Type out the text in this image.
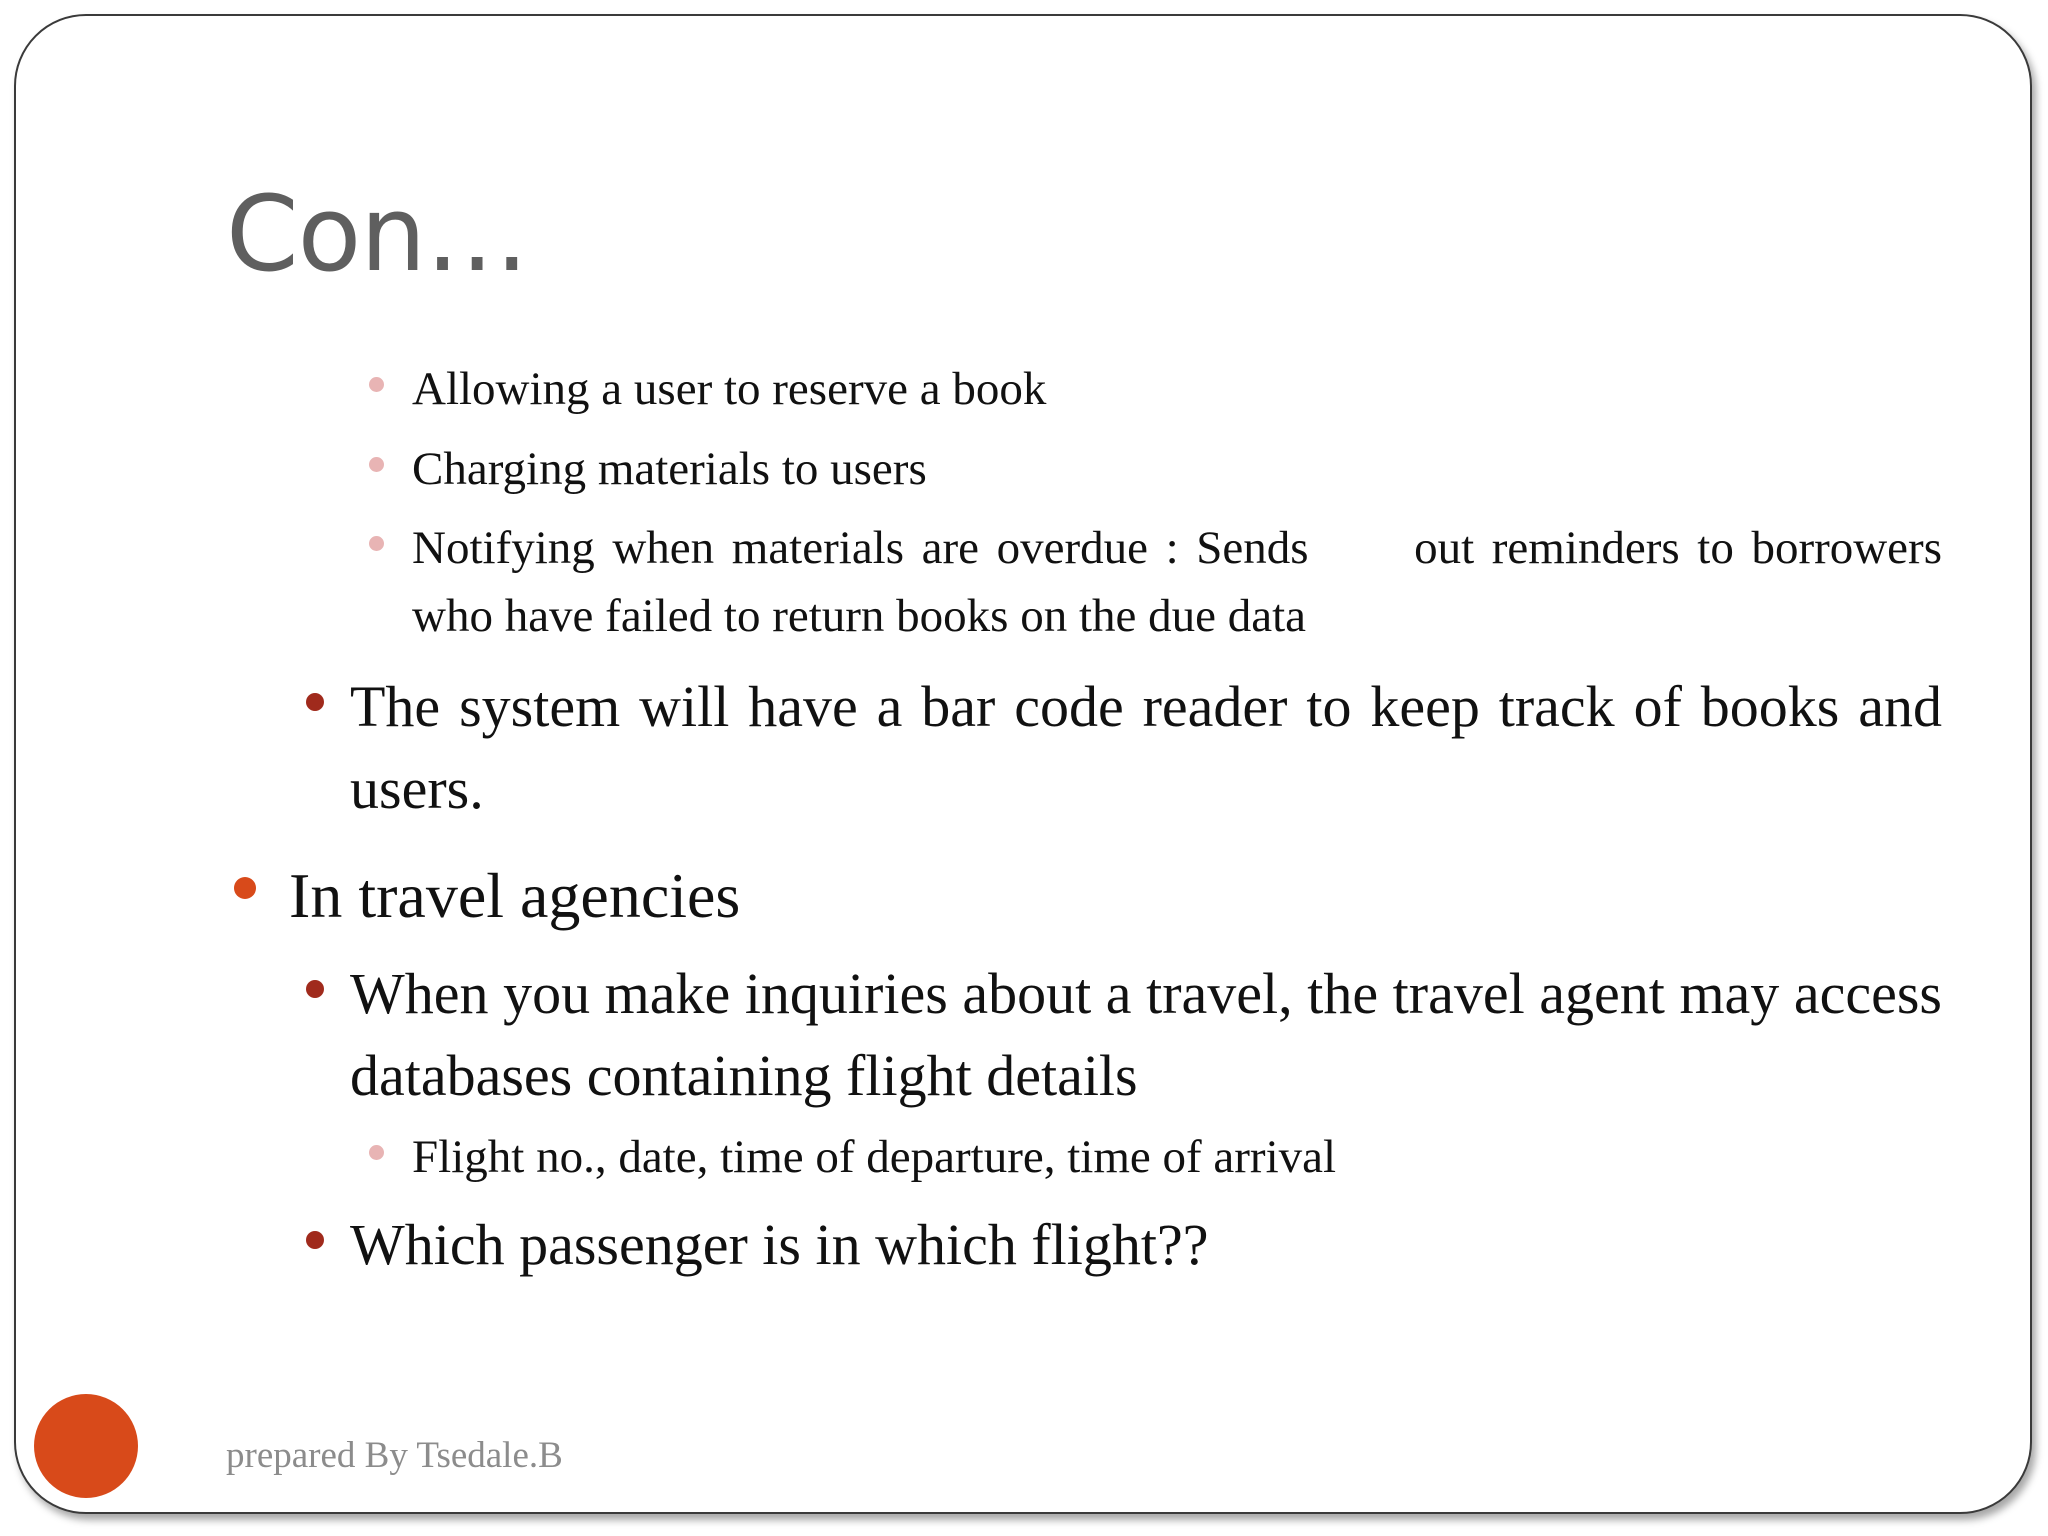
Con…
Allowing a user to reserve a book
Charging materials to users
Notifying when materials are overdue : Sends      out reminders to borrowers who have failed to return books on the due data
The system will have a bar code reader to keep track of books and users.
In travel agencies
When you make inquiries about a travel, the travel agent may access databases containing flight details
Flight no., date, time of departure, time of arrival
Which passenger is in which flight??

prepared By Tsedale.B
